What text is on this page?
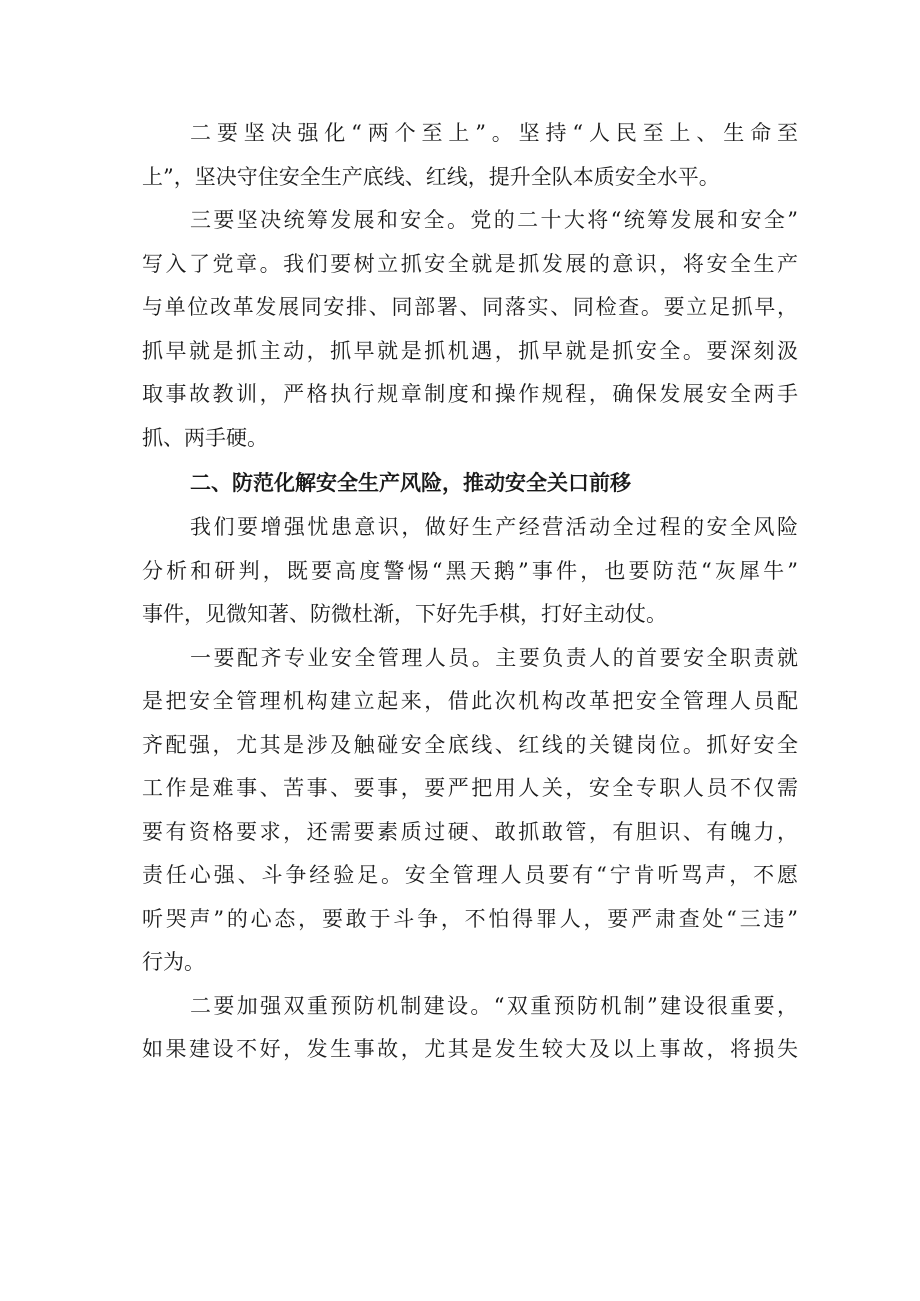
二要坚决强化“两个至上”。坚持“人民至上、生命至
上”，坚决守住安全生产底线、红线，提升全队本质安全水平。
三要坚决统筹发展和安全。党的二十大将“统筹发展和安全”
写入了党章。我们要树立抓安全就是抓发展的意识，将安全生产
与单位改革发展同安排、同部署、同落实、同检查。要立足抓早，
抓早就是抓主动，抓早就是抓机遇，抓早就是抓安全。要深刻汲
取事故教训，严格执行规章制度和操作规程，确保发展安全两手
抓、两手硬。
二、防范化解安全生产风险，推动安全关口前移
我们要增强忧患意识，做好生产经营活动全过程的安全风险
分析和研判，既要高度警惕“黑天鹅”事件，也要防范“灰犀牛”
事件，见微知著、防微杜渐，下好先手棋，打好主动仗。
一要配齐专业安全管理人员。主要负责人的首要安全职责就
是把安全管理机构建立起来，借此次机构改革把安全管理人员配
齐配强，尤其是涉及触碰安全底线、红线的关键岗位。抓好安全
工作是难事、苦事、要事，要严把用人关，安全专职人员不仅需
要有资格要求，还需要素质过硬、敢抓敢管，有胆识、有魄力，
责任心强、斗争经验足。安全管理人员要有“宁肯听骂声，不愿
听哭声”的心态，要敢于斗争，不怕得罪人，要严肃查处“三违”
行为。
二要加强双重预防机制建设。“双重预防机制”建设很重要，
如果建设不好，发生事故，尤其是发生较大及以上事故，将损失
